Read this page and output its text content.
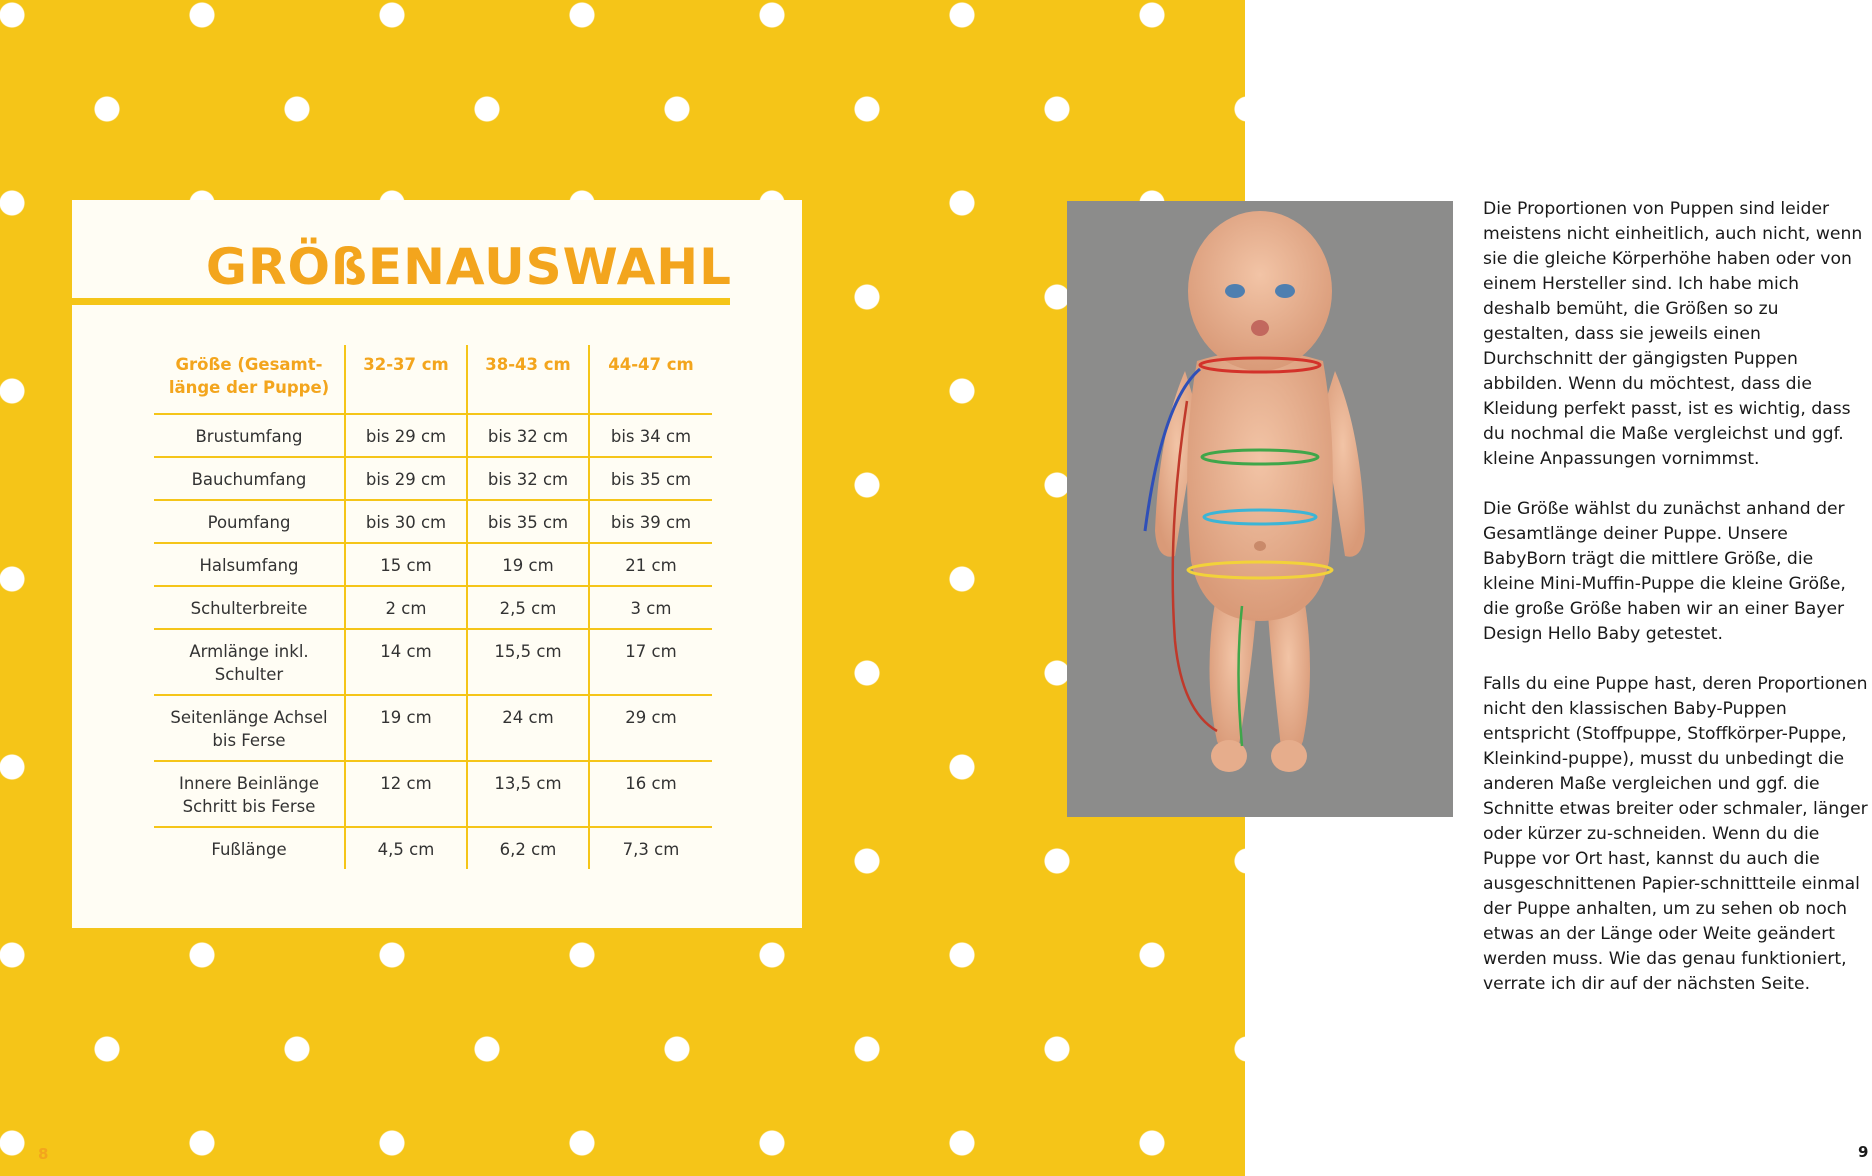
GRÖßENAUSWAHL
Größe (Gesamt-länge der Puppe)	32-37 cm	38-43 cm	44-47 cm
Brustumfang	bis 29 cm	bis 32 cm	bis 34 cm
Bauchumfang	bis 29 cm	bis 32 cm	bis 35 cm
Poumfang	bis 30 cm	bis 35 cm	bis 39 cm
Halsumfang	15 cm	19 cm	21 cm
Schulterbreite	2 cm	2,5 cm	3 cm
Armlänge inkl. Schulter	14 cm	15,5 cm	17 cm
Seitenlänge Achsel bis Ferse	19 cm	24 cm	29 cm
Innere Beinlänge Schritt bis Ferse	12 cm	13,5 cm	16 cm
Fußlänge	4,5 cm	6,2 cm	7,3 cm
8

Die Proportionen von Puppen sind leider meistens nicht einheitlich, auch nicht, wenn sie die gleiche Körperhöhe haben oder von einem Hersteller sind. Ich habe mich deshalb bemüht, die Größen so zu gestalten, dass sie jeweils einen Durchschnitt der gängigsten Puppen abbilden. Wenn du möchtest, dass die Kleidung perfekt passt, ist es wichtig, dass du nochmal die Maße vergleichst und ggf. kleine Anpassungen vornimmst.

Die Größe wählst du zunächst anhand der Gesamtlänge deiner Puppe. Unsere BabyBorn trägt die mittlere Größe, die kleine Mini-Muffin-Puppe die kleine Größe, die große Größe haben wir an einer Bayer Design Hello Baby getestet.

Falls du eine Puppe hast, deren Proportionen nicht den klassischen Baby-Puppen entspricht (Stoffpuppe, Stoffkörper-Puppe, Kleinkind-puppe), musst du unbedingt die anderen Maße vergleichen und ggf. die Schnitte etwas breiter oder schmaler, länger oder kürzer zu-schneiden. Wenn du die Puppe vor Ort hast, kannst du auch die ausgeschnittenen Papier-schnittteile einmal der Puppe anhalten, um zu sehen ob noch etwas an der Länge oder Weite geändert werden muss. Wie das genau funktioniert, verrate ich dir auf der nächsten Seite.

9
